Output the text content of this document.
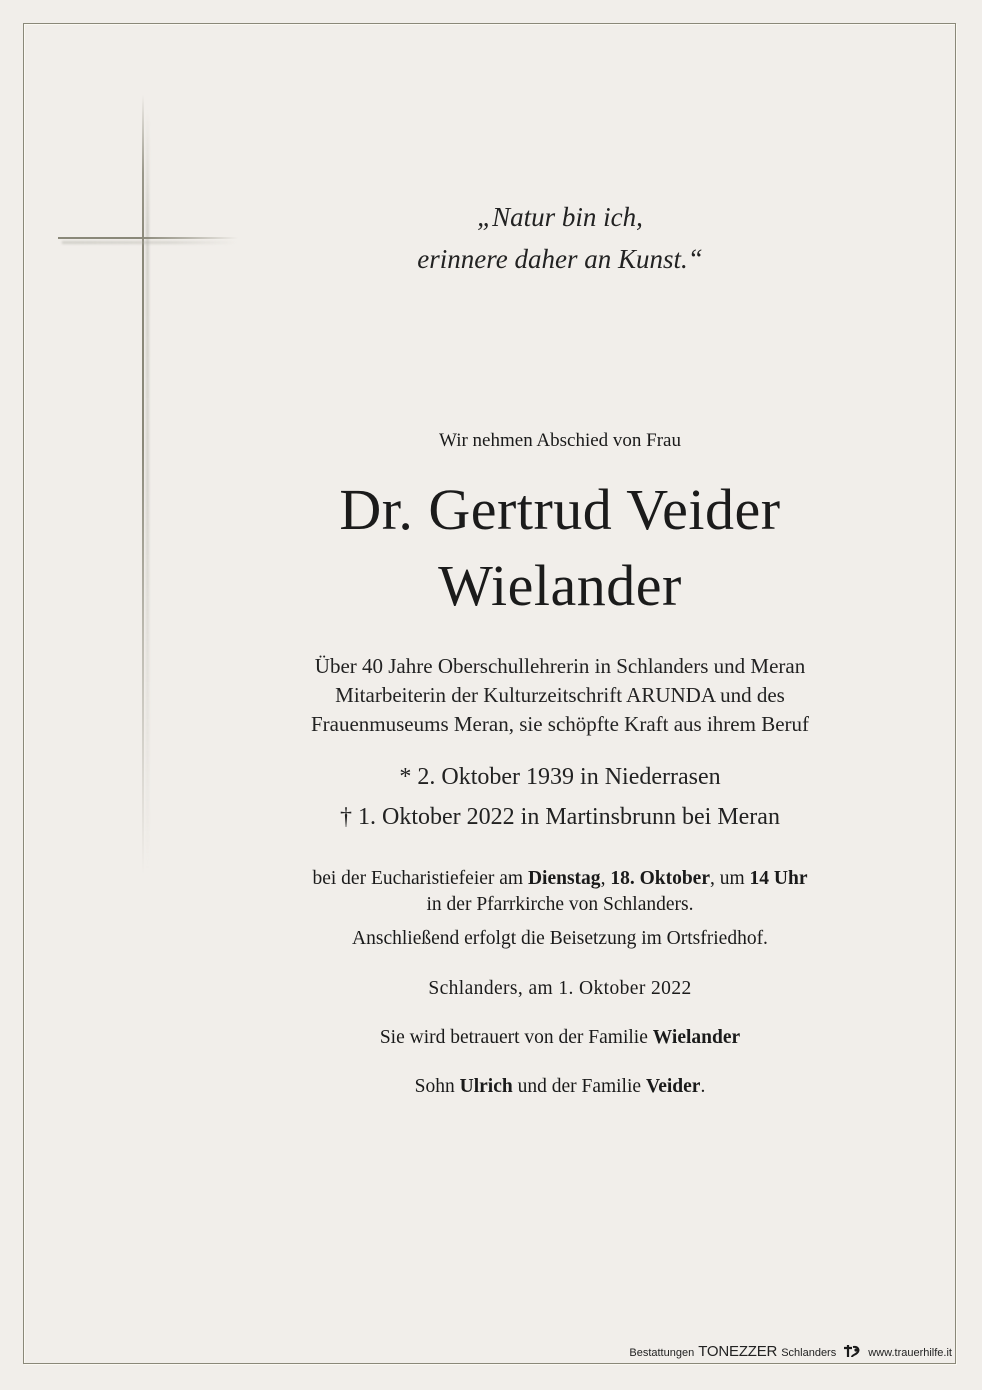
„Natur bin ich,
erinnere daher an Kunst.“
Wir nehmen Abschied von Frau
Dr. Gertrud Veider
Wielander
Über 40 Jahre Oberschullehrerin in Schlanders und Meran
Mitarbeiterin der Kulturzeitschrift ARUNDA und des
Frauenmuseums Meran, sie schöpfte Kraft aus ihrem Beruf
* 2. Oktober 1939 in Niederrasen
† 1. Oktober 2022 in Martinsbrunn bei Meran
bei der Eucharistiefeier am Dienstag, 18. Oktober, um 14 Uhr
in der Pfarrkirche von Schlanders.
Anschließend erfolgt die Beisetzung im Ortsfriedhof.
Schlanders, am 1. Oktober 2022
Sie wird betrauert von der Familie Wielander
Sohn Ulrich und der Familie Veider.
Bestattungen TONEZZER Schlanders	www.trauerhilfe.it
